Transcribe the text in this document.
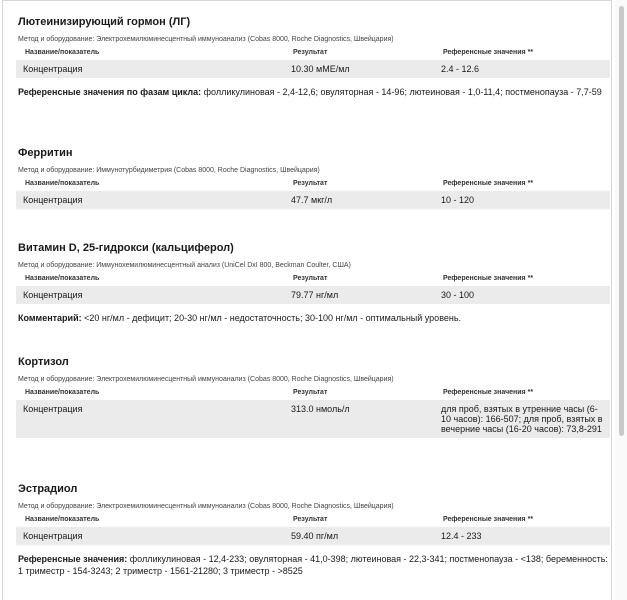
Лютеинизирующий гормон (ЛГ)
Метод и оборудование: Электрохемилюминесцентный иммуноанализ (Cobas 8000, Roche Diagnostics, Швейцария)
Название/показатель	Результат	Референсные значения **
Концентрация	10.30 мМЕ/мл	2.4 - 12.6
Референсные значения по фазам цикла: фолликулиновая - 2,4-12,6; овуляторная - 14-96; лютеиновая - 1,0-11,4; постменопауза - 7,7-59
Ферритин
Метод и оборудование: Иммунотурбидиметрия (Cobas 8000, Roche Diagnostics, Швейцария)
Название/показатель	Результат	Референсные значения **
Концентрация	47.7 мкг/л	10 - 120
Витамин D, 25-гидрокси (кальциферол)
Метод и оборудование: Иммунохемилюминесцентный анализ (UniCel DxI 800, Beckman Coulter, США)
Название/показатель	Результат	Референсные значения **
Концентрация	79.77 нг/мл	30 - 100
Комментарий: <20 нг/мл - дефицит; 20-30 нг/мл - недостаточность; 30-100 нг/мл - оптимальный уровень.
Кортизол
Метод и оборудование: Электрохемилюминесцентный иммуноанализ (Cobas 8000, Roche Diagnostics, Швейцария)
Название/показатель	Результат	Референсные значения **
Концентрация	313.0 нмоль/л	для проб, взятых в утренние часы (6-10 часов): 166-507; для проб, взятых в вечерние часы (16-20 часов): 73,8-291
Эстрадиол
Метод и оборудование: Электрохемилюминесцентный иммуноанализ (Cobas 8000, Roche Diagnostics, Швейцария)
Название/показатель	Результат	Референсные значения **
Концентрация	59.40 пг/мл	12.4 - 233
Референсные значения: фолликулиновая - 12,4-233; овуляторная - 41,0-398; лютеиновая - 22,3-341; постменопауза - <138; беременность: 1 триместр - 154-3243; 2 триместр - 1561-21280; 3 триместр - >8525
